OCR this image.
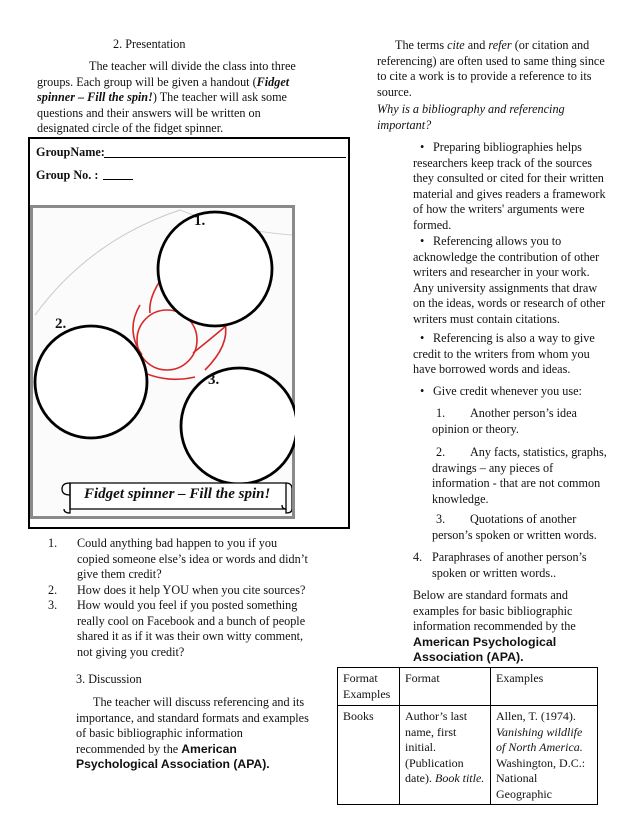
2. Presentation

The teacher will divide the class into three groups. Each group will be given a handout (Fidget spinner – Fill the spin!) The teacher will ask some questions and their answers will be written on designated circle of the fidget spinner.

GroupName:
Group No. :
1.
2.
3.
Fidget spinner – Fill the spin!
1. Could anything bad happen to you if you copied someone else’s idea or words and didn’t give them credit?
2. How does it help YOU when you cite sources?
3. How would you feel if you posted something really cool on Facebook and a bunch of people shared it as if it was their own witty comment, not giving you credit?
3. Discussion

The teacher will discuss referencing and its importance, and standard formats and examples of basic bibliographic information recommended by the American Psychological Association (APA).

The terms cite and refer (or citation and referencing) are often used to same thing since to cite a work is to provide a reference to its source.

Why is a bibliography and referencing important?
• Preparing bibliographies helps researchers keep track of the sources they consulted or cited for their written material and gives readers a framework of how the writers' arguments were formed.
• Referencing allows you to acknowledge the contribution of other writers and researcher in your work. Any university assignments that draw on the ideas, words or research of other writers must contain citations.
• Referencing is also a way to give credit to the writers from whom you have borrowed words and ideas.
• Give credit whenever you use:
1. Another person’s idea opinion or theory.
2. Any facts, statistics, graphs, drawings – any pieces of information - that are not common knowledge.
3. Quotations of another person’s spoken or written words.
4. Paraphrases of another person’s spoken or written words..

Below are standard formats and examples for basic bibliographic information recommended by the American Psychological Association (APA).

Format Examples	Format	Examples
Books	Author’s last name, first initial. (Publication date). Book title.	Allen, T. (1974). Vanishing wildlife of North America. Washington, D.C.: National Geographic
